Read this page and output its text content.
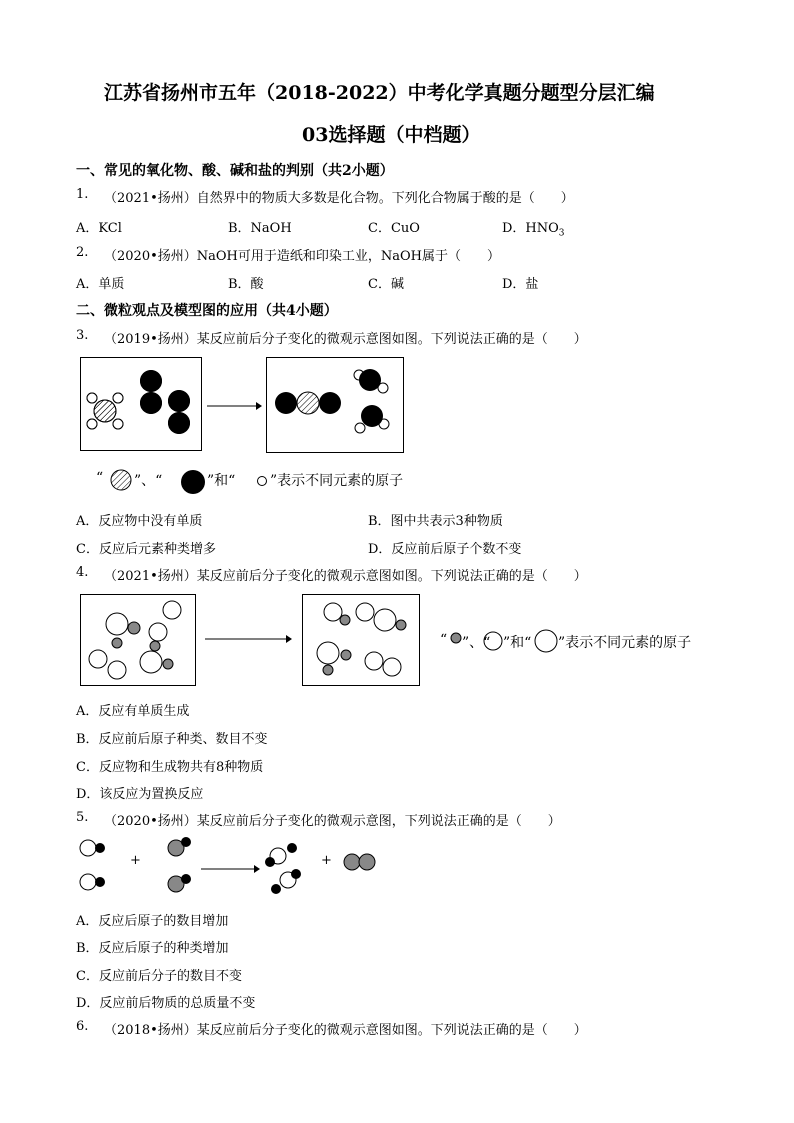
江苏省扬州市五年（2018-2022）中考化学真题分题型分层汇编
03选择题（中档题）
一、常见的氧化物、酸、碱和盐的判别（共2小题）
1. （2021•扬州）自然界中的物质大多数是化合物。下列化合物属于酸的是（　　）
A．KCl	B．NaOH	C．CuO	D．$HNO_3$
2. （2020•扬州）NaOH可用于造纸和印染工业，NaOH属于（　　）
A．单质	B．酸	C．碱	D．盐
二、微粒观点及模型图的应用（共4小题）
3. （2019•扬州）某反应前后分子变化的微观示意图如图。下列说法正确的是（　　）
“ ”、“	”和“ ”表示不同元素的原子
A．反应物中没有单质	B．图中共表示3种物质
C．反应后元素种类增多	D．反应前后原子个数不变
4. （2021•扬州）某反应前后分子变化的微观示意图如图。下列说法正确的是（　　）
“ ”、“ ”和“ ”表示不同元素的原子
A．反应有单质生成
B．反应前后原子种类、数目不变
C．反应物和生成物共有8种物质
D．该反应为置换反应
5. （2020•扬州）某反应前后分子变化的微观示意图，下列说法正确的是（　　）
+	+
A．反应后原子的数目增加
B．反应后原子的种类增加
C．反应前后分子的数目不变
D．反应前后物质的总质量不变
6. （2018•扬州）某反应前后分子变化的微观示意图如图。下列说法正确的是（　　）
